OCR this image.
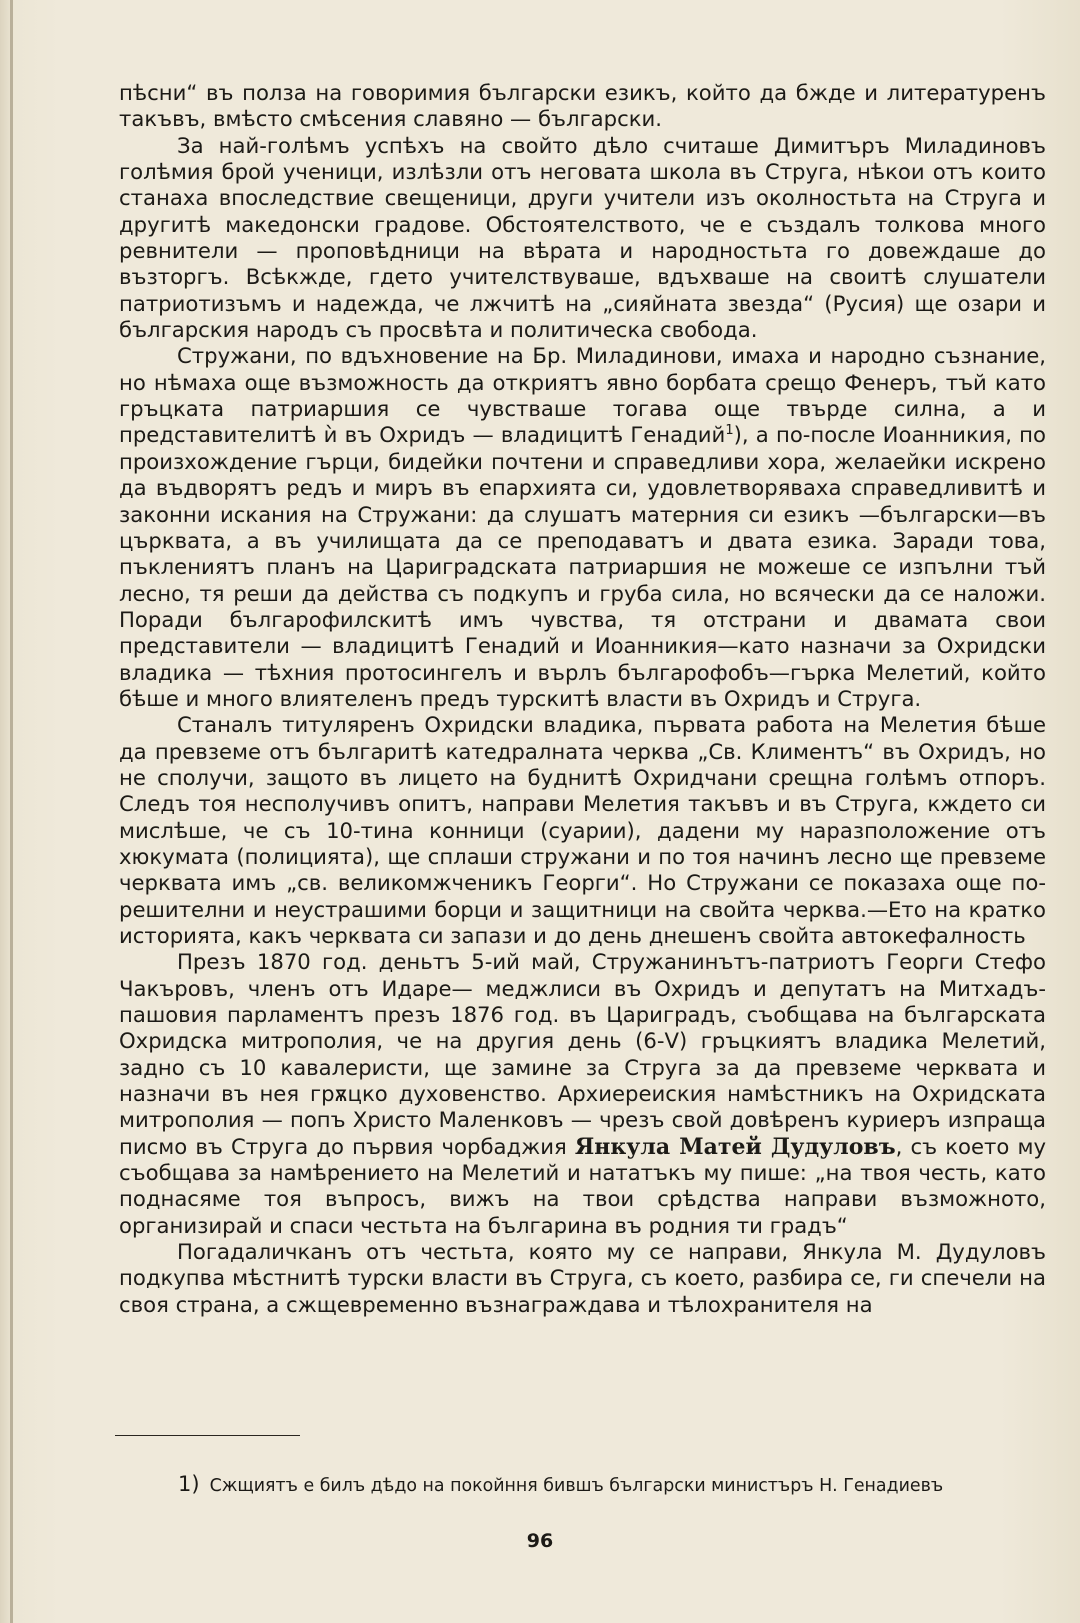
пѣсни“ въ полза на говоримия български езикъ, който да бжде и литературенъ такъвъ, вмѣсто смѣсения славяно — български.

За най-голѣмъ успѣхъ на свойто дѣло считаше Димитъръ Миладиновъ голѣмия брой ученици, излѣзли отъ неговата школа въ Струга, нѣкои отъ които станаха впоследствие свещеници, други учители изъ околностьта на Струга и другитѣ македонски градове. Обстоятелството, че е създалъ толкова много ревнители — проповѣдници на вѣрата и народностьта го довеждаше до възторгъ. Всѣкжде, гдето учителствуваше, вдъхваше на своитѣ слушатели патриотизъмъ и надежда, че лжчитѣ на „сияйната звезда“ (Русия) ще озари и българския народъ съ просвѣта и политическа свобода.

Стружани, по вдъхновение на Бр. Миладинови, имаха и народно съзнание, но нѣмаха още възможность да откриятъ явно борбата срещо Фенеръ, тъй като гръцката патриаршия се чувстваше тогава още твърде силна, а и представителитѣ ѝ въ Охридъ — владицитѣ Генадий$^1$), а по-после Иоанникия, по произхождение гърци, бидейки почтени и справедливи хора, желаейки искрено да въдворятъ редъ и миръ въ епархията си, удовлетворяваха справедливитѣ и законни искания на Стружани: да слушатъ матерния си езикъ —български—въ църквата, а въ училищата да се преподаватъ и двата езика. Заради това, пъклениятъ планъ на Цариградската патриаршия не можеше се изпълни тъй лесно, тя реши да действа съ подкупъ и груба сила, но всячески да се наложи. Поради българофилскитѣ имъ чувства, тя отстрани и двамата свои представители — владицитѣ Генадий и Иоанникия—като назначи за Охридски владика — тѣхния протосингелъ и върлъ българофобъ—гърка Мелетий, който бѣше и много влиятеленъ предъ турскитѣ власти въ Охридъ и Струга.

Станалъ титуляренъ Охридски владика, първата работа на Мелетия бѣше да превземе отъ българитѣ катедралната черква „Св. Климентъ“ въ Охридъ, но не сполучи, защото въ лицето на буднитѣ Охридчани срещна голѣмъ отпоръ. Следъ тоя несполучивъ опитъ, направи Мелетия такъвъ и въ Струга, кждето си мислѣше, че съ 10-тина конници (суарии), дадени му наразположение отъ хюкумата (полицията), ще сплаши стружани и по тоя начинъ лесно ще превземе черквата имъ „св. великомжченикъ Георги“. Но Стружани се показаха още по-решителни и неустрашими борци и защитници на свойта черква.—Ето на кратко историята, какъ черквата си запази и до день днешенъ свойта автокефалность

Презъ 1870 год. деньтъ 5-ий май, Стружанинътъ-патриотъ Георги Стефо Чакъровъ, членъ отъ Идаре— меджлиси въ Охридъ и депутатъ на Митхадъ-пашовия парламентъ презъ 1876 год. въ Цариградъ, съобщава на българската Охридска митрополия, че на другия день (6-V) гръцкиятъ владика Мелетий, задно съ 10 кавалеристи, ще замине за Струга за да превземе черквата и назначи въ нея грѫцко духовенство. Архиереиския намѣстникъ на Охридската митрополия — попъ Христо Маленковъ — чрезъ свой довѣренъ куриеръ изпраща писмо въ Струга до първия чорбаджия Янкула Матей Дудуловъ, съ което му съобщава за намѣрението на Мелетий и нататъкъ му пише: „на твоя честь, като поднасяме тоя въпросъ, вижъ на твои срѣдства направи възможното, организирай и спаси честьта на българина въ родния ти градъ“

Погадаличканъ отъ честьта, която му се направи, Янкула М. Дудуловъ подкупва мѣстнитѣ турски власти въ Струга, съ което, разбира се, ги спечели на своя страна, а сжщевременно възнаграждава и тѣлохранителя на

1) Сжщиятъ е билъ дѣдо на покойння бившъ български министъръ Н. Генадиевъ
96
